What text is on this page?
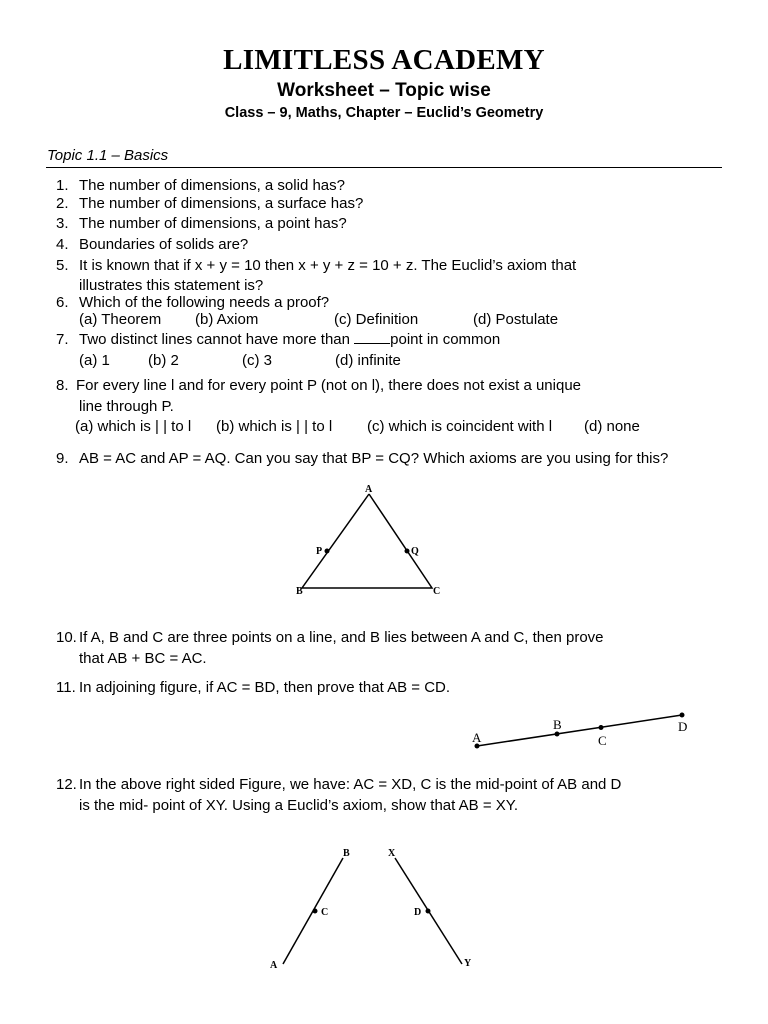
LIMITLESS ACADEMY
Worksheet – Topic wise
Class – 9, Maths, Chapter – Euclid’s Geometry
Topic 1.1 – Basics
1. The number of dimensions, a solid has?
2. The number of dimensions, a surface has?
3. The number of dimensions, a point has?
4. Boundaries of solids are?
5. It is known that if x + y = 10 then x + y + z = 10 + z. The Euclid’s axiom that
illustrates this statement is?
6. Which of the following needs a proof?
(a) Theorem (b) Axiom	(c) Definition	(d) Postulate
7. Two distinct lines cannot have more than	point in common
(a) 1	(b) 2	(c) 3	(d) infinite
8. For every line l and for every point P (not on l), there does not exist a unique
line through P.
(a) which is | | to l (b) which is | | to l (c) which is coincident with l (d) none
9. AB = AC and AP = AQ. Can you say that BP = CQ? Which axioms are you using for this?
A
B	C
P	Q
10. If A, B and C are three points on a line, and B lies between A and C, then prove
that AB + BC = AC.
11. In adjoining figure, if AC = BD, then prove that AB = CD.
A
B
C
D
12. In the above right sided Figure, we have: AC = XD, C is the mid-point of AB and D
is the mid- point of XY. Using a Euclid’s axiom, show that AB = XY.
A
B
C
X
D
Y
